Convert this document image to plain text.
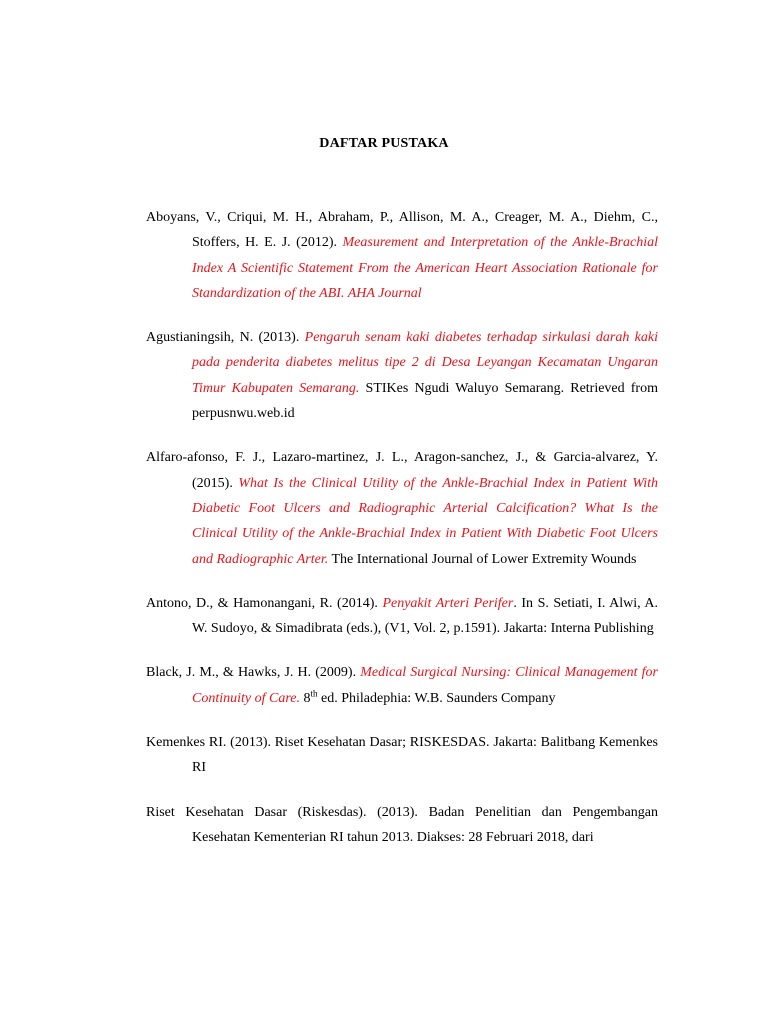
DAFTAR PUSTAKA

Aboyans, V., Criqui, M. H., Abraham, P., Allison, M. A., Creager, M. A., Diehm, C., Stoffers, H. E. J. (2012). Measurement and Interpretation of the Ankle-Brachial Index A Scientific Statement From the American Heart Association Rationale for Standardization of the ABI. AHA Journal

Agustianingsih, N. (2013). Pengaruh senam kaki diabetes terhadap sirkulasi darah kaki pada penderita diabetes melitus tipe 2 di Desa Leyangan Kecamatan Ungaran Timur Kabupaten Semarang. STIKes Ngudi Waluyo Semarang. Retrieved from perpusnwu.web.id

Alfaro-afonso, F. J., Lazaro-martinez, J. L., Aragon-sanchez, J., & Garcia-alvarez, Y. (2015). What Is the Clinical Utility of the Ankle-Brachial Index in Patient With Diabetic Foot Ulcers and Radiographic Arterial Calcification? What Is the Clinical Utility of the Ankle-Brachial Index in Patient With Diabetic Foot Ulcers and Radiographic Arter. The International Journal of Lower Extremity Wounds

Antono, D., & Hamonangani, R. (2014). Penyakit Arteri Perifer. In S. Setiati, I. Alwi, A. W. Sudoyo, & Simadibrata (eds.), (V1, Vol. 2, p.1591). Jakarta: Interna Publishing

Black, J. M., & Hawks, J. H. (2009). Medical Surgical Nursing: Clinical Management for Continuity of Care. 8th ed. Philadephia: W.B. Saunders Company

Kemenkes RI. (2013). Riset Kesehatan Dasar; RISKESDAS. Jakarta: Balitbang Kemenkes RI

Riset Kesehatan Dasar (Riskesdas). (2013). Badan Penelitian dan Pengembangan Kesehatan Kementerian RI tahun 2013. Diakses: 28 Februari 2018, dari
